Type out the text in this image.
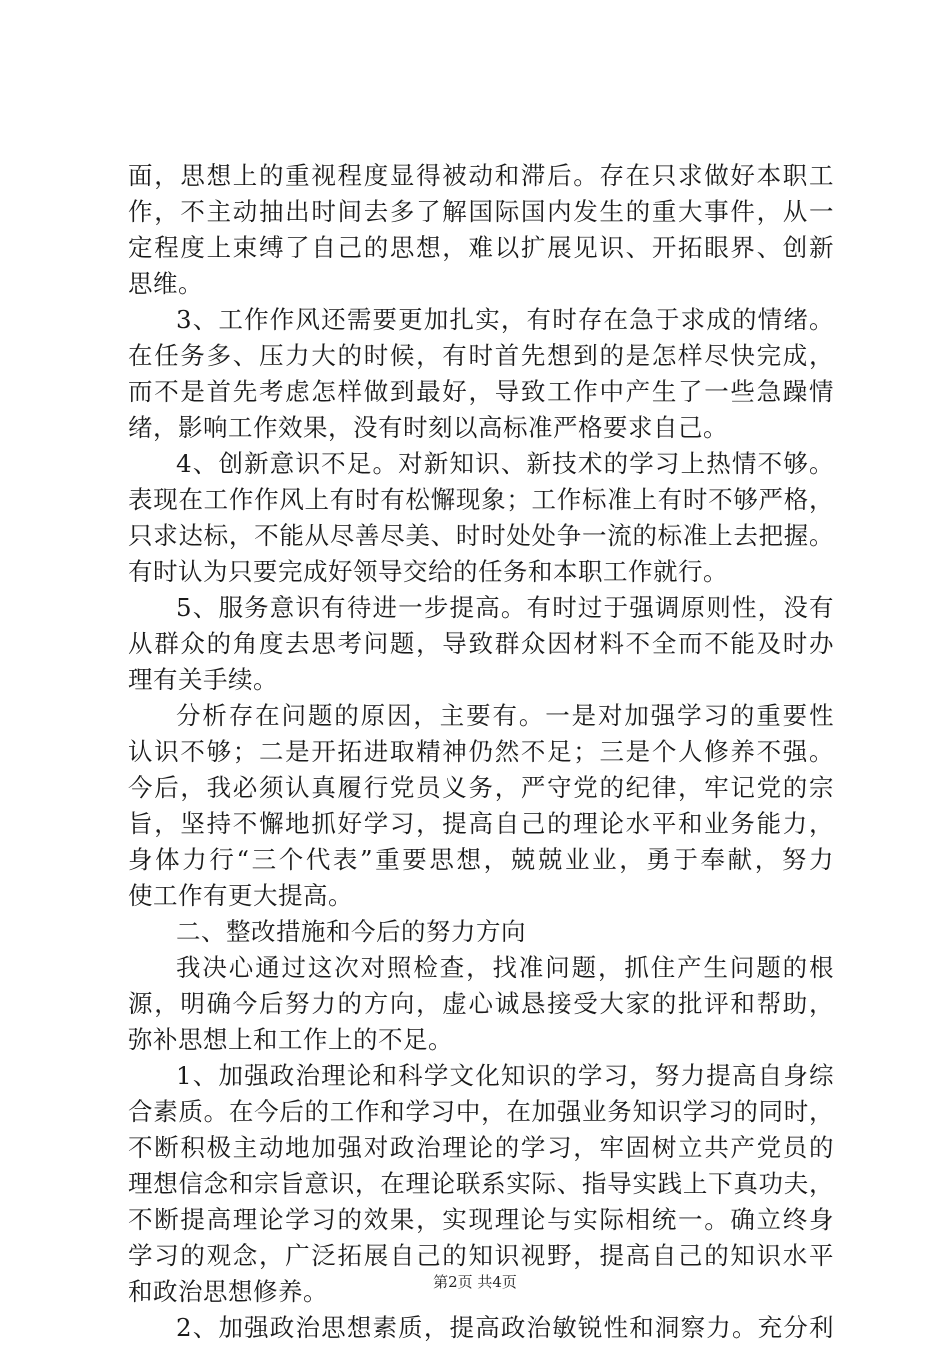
面，思想上的重视程度显得被动和滞后。存在只求做好本职工
作，不主动抽出时间去多了解国际国内发生的重大事件，从一
定程度上束缚了自己的思想，难以扩展见识、开拓眼界、创新
思维。
3、工作作风还需要更加扎实，有时存在急于求成的情绪。
在任务多、压力大的时候，有时首先想到的是怎样尽快完成，
而不是首先考虑怎样做到最好，导致工作中产生了一些急躁情
绪，影响工作效果，没有时刻以高标准严格要求自己。
4、创新意识不足。对新知识、新技术的学习上热情不够。
表现在工作作风上有时有松懈现象；工作标准上有时不够严格，
只求达标，不能从尽善尽美、时时处处争一流的标准上去把握。
有时认为只要完成好领导交给的任务和本职工作就行。
5、服务意识有待进一步提高。有时过于强调原则性，没有
从群众的角度去思考问题，导致群众因材料不全而不能及时办
理有关手续。
分析存在问题的原因，主要有。一是对加强学习的重要性
认识不够；二是开拓进取精神仍然不足；三是个人修养不强。
今后，我必须认真履行党员义务，严守党的纪律，牢记党的宗
旨，坚持不懈地抓好学习，提高自己的理论水平和业务能力，
身体力行“三个代表”重要思想，兢兢业业，勇于奉献，努力
使工作有更大提高。
二、整改措施和今后的努力方向
我决心通过这次对照检查，找准问题，抓住产生问题的根
源，明确今后努力的方向，虚心诚恳接受大家的批评和帮助，
弥补思想上和工作上的不足。
1、加强政治理论和科学文化知识的学习，努力提高自身综
合素质。在今后的工作和学习中，在加强业务知识学习的同时，
不断积极主动地加强对政治理论的学习，牢固树立共产党员的
理想信念和宗旨意识，在理论联系实际、指导实践上下真功夫，
不断提高理论学习的效果，实现理论与实际相统一。确立终身
学习的观念，广泛拓展自己的知识视野，提高自己的知识水平
和政治思想修养。
2、加强政治思想素质，提高政治敏锐性和洞察力。充分利
第2页 共4页
